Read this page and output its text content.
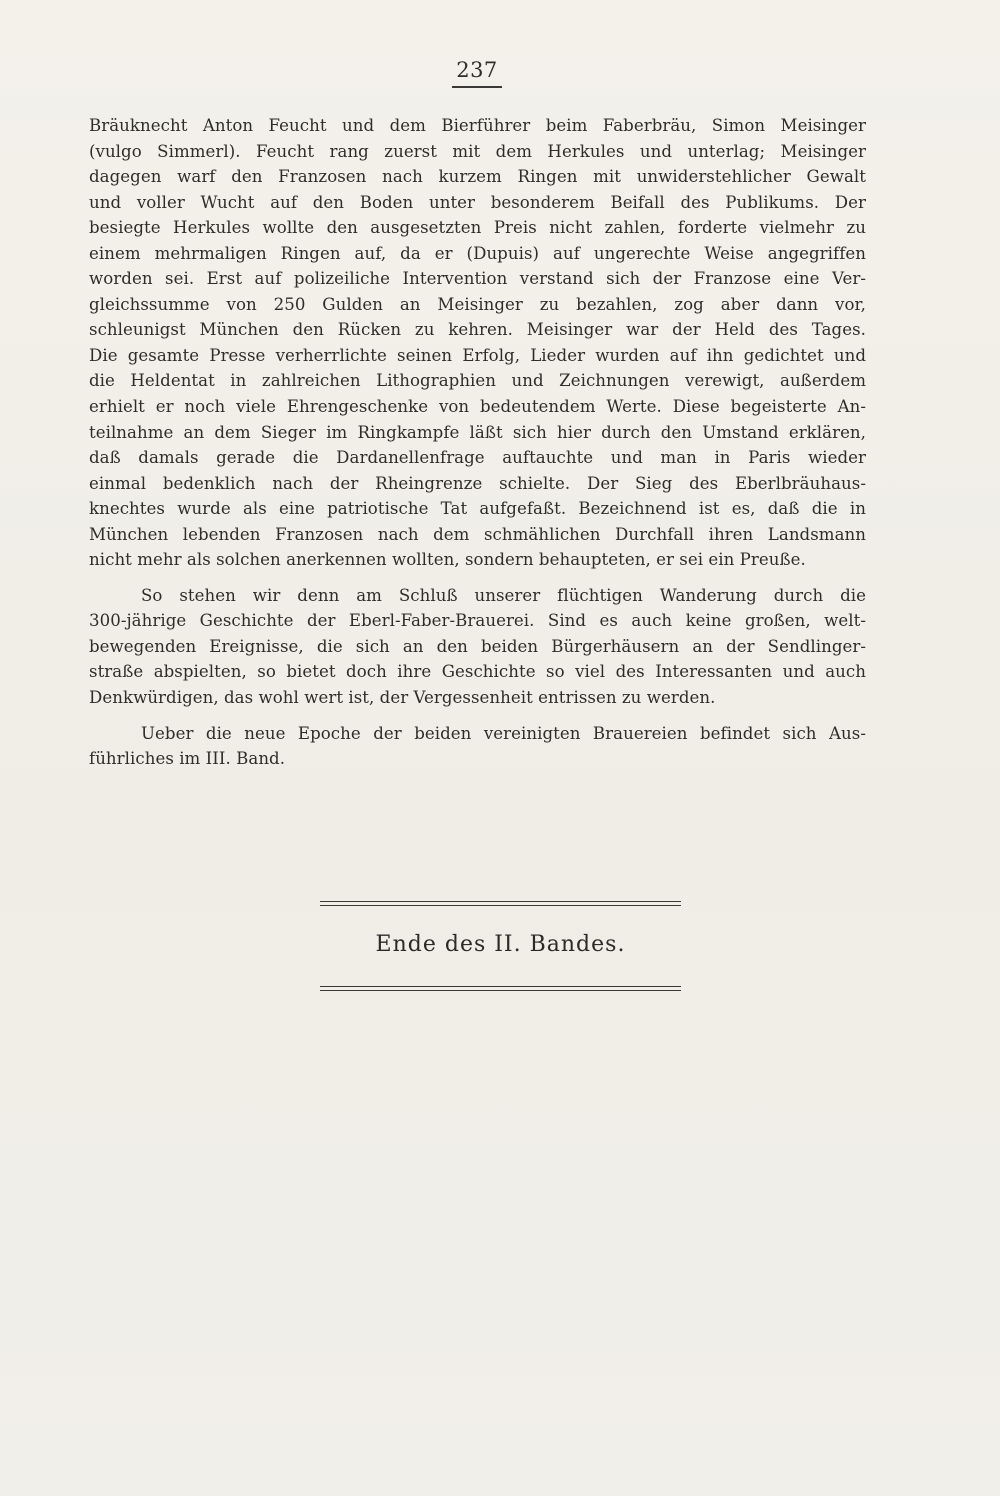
237
Bräuknecht Anton Feucht und dem Bierführer beim Faberbräu, Simon Meisinger
(vulgo Simmerl). Feucht rang zuerst mit dem Herkules und unterlag; Meisinger
dagegen warf den Franzosen nach kurzem Ringen mit unwiderstehlicher Gewalt
und voller Wucht auf den Boden unter besonderem Beifall des Publikums. Der
besiegte Herkules wollte den ausgesetzten Preis nicht zahlen, forderte vielmehr zu
einem mehrmaligen Ringen auf, da er (Dupuis) auf ungerechte Weise angegriffen
worden sei. Erst auf polizeiliche Intervention verstand sich der Franzose eine Ver-
gleichssumme von 250 Gulden an Meisinger zu bezahlen, zog aber dann vor,
schleunigst München den Rücken zu kehren. Meisinger war der Held des Tages.
Die gesamte Presse verherrlichte seinen Erfolg, Lieder wurden auf ihn gedichtet und
die Heldentat in zahlreichen Lithographien und Zeichnungen verewigt, außerdem
erhielt er noch viele Ehrengeschenke von bedeutendem Werte. Diese begeisterte An-
teilnahme an dem Sieger im Ringkampfe läßt sich hier durch den Umstand erklären,
daß damals gerade die Dardanellenfrage auftauchte und man in Paris wieder
einmal bedenklich nach der Rheingrenze schielte. Der Sieg des Eberlbräuhaus-
knechtes wurde als eine patriotische Tat aufgefaßt. Bezeichnend ist es, daß die in
München lebenden Franzosen nach dem schmählichen Durchfall ihren Landsmann
nicht mehr als solchen anerkennen wollten, sondern behaupteten, er sei ein Preuße.
So stehen wir denn am Schluß unserer flüchtigen Wanderung durch die
300-jährige Geschichte der Eberl-Faber-Brauerei. Sind es auch keine großen, welt-
bewegenden Ereignisse, die sich an den beiden Bürgerhäusern an der Sendlinger-
straße abspielten, so bietet doch ihre Geschichte so viel des Interessanten und auch
Denkwürdigen, das wohl wert ist, der Vergessenheit entrissen zu werden.
Ueber die neue Epoche der beiden vereinigten Brauereien befindet sich Aus-
führliches im III. Band.
Ende des II. Bandes.
